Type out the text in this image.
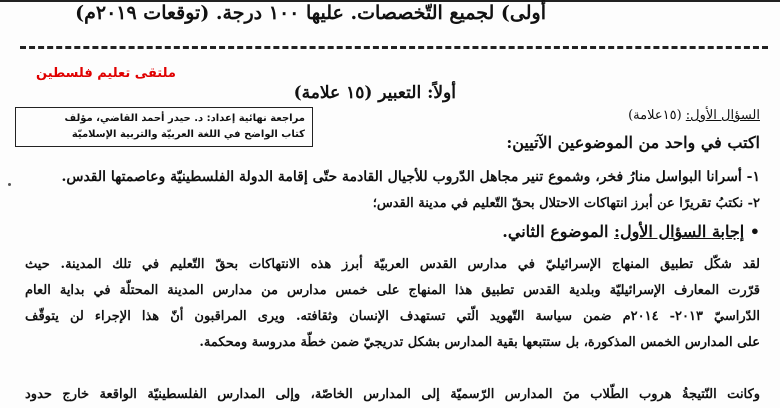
أولى) لجميع التّخصصات. عليها ١٠٠ درجة. (توقعات ٢٠١٩م)
ملتقى تعليم فلسطين
أولاً: التعبير (١٥ علامة)
مراجعة نهائية إعداد: د. حيدر أحمد القاضي، مؤلف
كتاب الواضح في اللغة العربيّة والتربية الإسلاميّة
السؤال الأول: (١٥علامة)
اكتب في واحد من الموضوعين الآتيين:
١- أسرانا البواسل منارُ فخر، وشموع تنير مجاهل الدّروب للأجيال القادمة حتّى إقامة الدولة الفلسطينيّة وعاصمتها القدس.
٢- نكتبُ تقريرًا عن أبرز انتهاكات الاحتلال بحقّ التّعليم في مدينة القدس؛
• إجابة السؤال الأول: الموضوع الثاني.
لقد شكّل تطبيق المنهاج الإسرائيليّ في مدارس القدس العربيّة أبرز هذه الانتهاكات بحقّ التّعليم في تلك المدينة. حيث
قرّرت المعارف الإسرائيليّة وبلدية القدس تطبيق هذا المنهاج على خمس مدارس من مدارس المدينة المحتلّة في بداية العام
الدّراسيّ ٢٠١٣- ٢٠١٤م ضمن سياسة التّهويد الّتي تستهدف الإنسان وثقافته. ويرى المراقبون أنّ هذا الإجراء لن يتوقّف
على المدارس الخمس المذكورة، بل ستتبعها بقية المدارس بشكل تدريجيّ ضمن خطّة مدروسة ومحكمة.
وكانت النّتيجةُ هروب الطّلاب منَ المدارس الرّسميّة إلى المدارس الخاصّة، وإلى المدارس الفلسطينيّة الواقعة خارج حدود
